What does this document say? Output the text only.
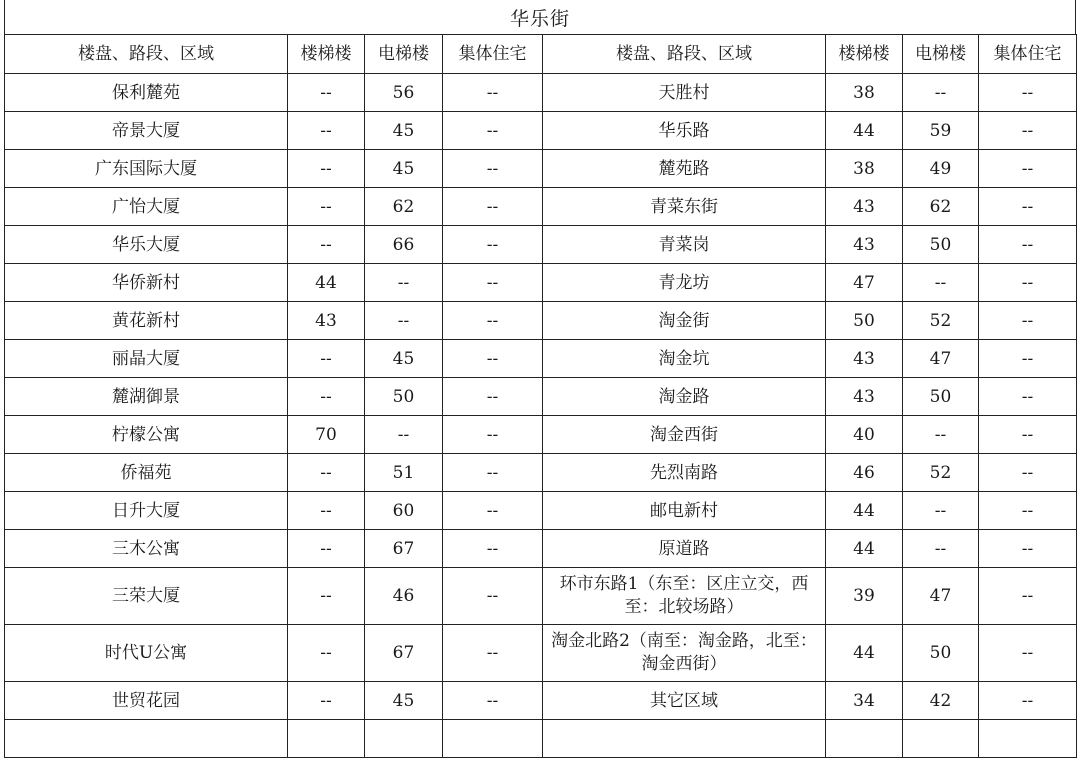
华乐街
楼盘、路段、区域	楼梯楼	电梯楼	集体住宅	楼盘、路段、区域	楼梯楼	电梯楼	集体住宅
保利麓苑	--	56	--	天胜村	38	--	--
帝景大厦	--	45	--	华乐路	44	59	--
广东国际大厦	--	45	--	麓苑路	38	49	--
广怡大厦	--	62	--	青菜东街	43	62	--
华乐大厦	--	66	--	青菜岗	43	50	--
华侨新村	44	--	--	青龙坊	47	--	--
黄花新村	43	--	--	淘金街	50	52	--
丽晶大厦	--	45	--	淘金坑	43	47	--
麓湖御景	--	50	--	淘金路	43	50	--
柠檬公寓	70	--	--	淘金西街	40	--	--
侨福苑	--	51	--	先烈南路	46	52	--
日升大厦	--	60	--	邮电新村	44	--	--
三木公寓	--	67	--	原道路	44	--	--
三荣大厦	--	46	--	环市东路1（东至：区庄立交，西至：北较场路）	39	47	--
时代U公寓	--	67	--	淘金北路2（南至：淘金路，北至：淘金西街）	44	50	--
世贸花园	--	45	--	其它区域	34	42	--
